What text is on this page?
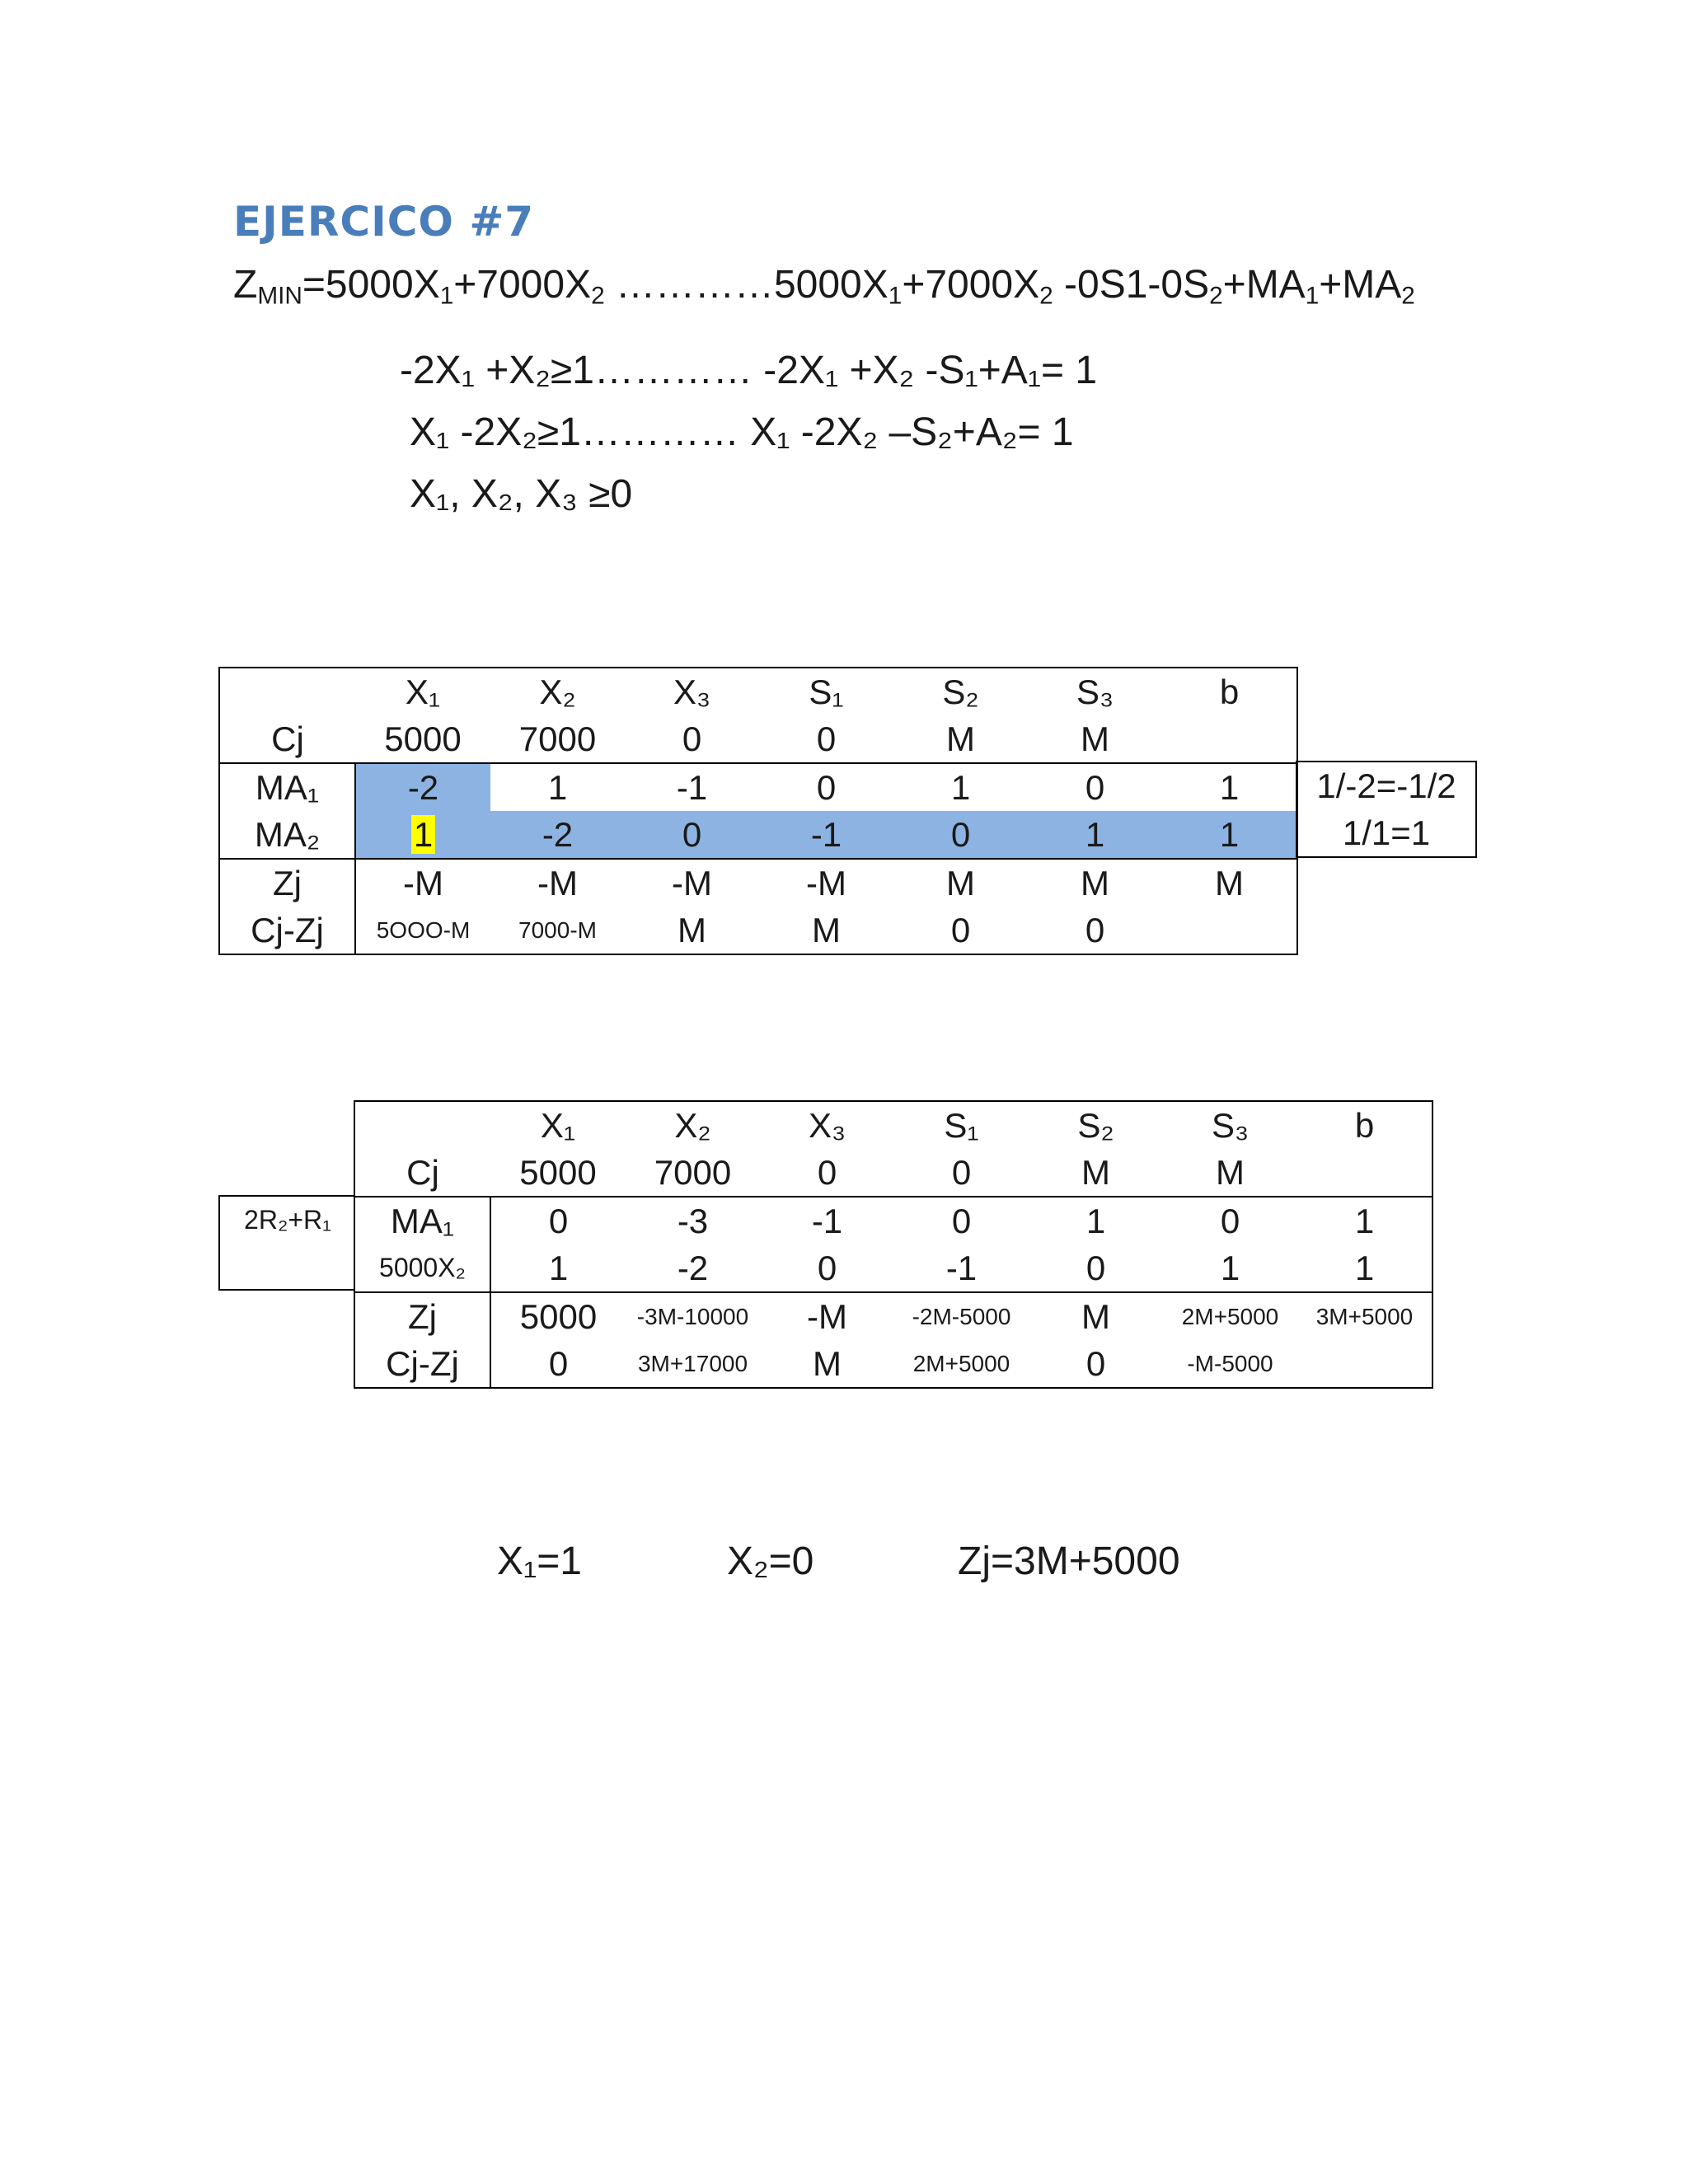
EJERCICO #7
$Z_{MIN}=5000X_1+7000X_2$ $\dots\dots\dots\dots 5000X_1+7000X_2$ $-0S1-0S_2+MA_1+MA_2$
-2X₁ +X₂≥1………… -2X₁ +X₂ -S₁+A₁= 1
X₁ -2X₂≥1………… X₁ -2X₂ –S₂+A₂= 1
X₁, X₂, X₃ ≥0
	X₁	X₂	X₃	S₁	S₂	S₃	b
Cj	5000	7000	0	0	M	M	
MA₁	-2	1	-1	0	1	0	1
MA₂	1	-2	0	-1	0	1	1
Zj	-M	-M	-M	-M	M	M	M
Cj-Zj	5OOO-M	7000-M	M	M	0	0	
1/-2=-1/2
1/1=1
2R₂+R₁
	X₁	X₂	X₃	S₁	S₂	S₃	b
Cj	5000	7000	0	0	M	M	
MA₁	0	-3	-1	0	1	0	1
5000X₂	1	-2	0	-1	0	1	1
Zj	5000	-3M-10000	-M	-2M-5000	M	2M+5000	3M+5000
Cj-Zj	0	3M+17000	M	2M+5000	0	-M-5000	
X₁=1	X₂=0	Zj=3M+5000
